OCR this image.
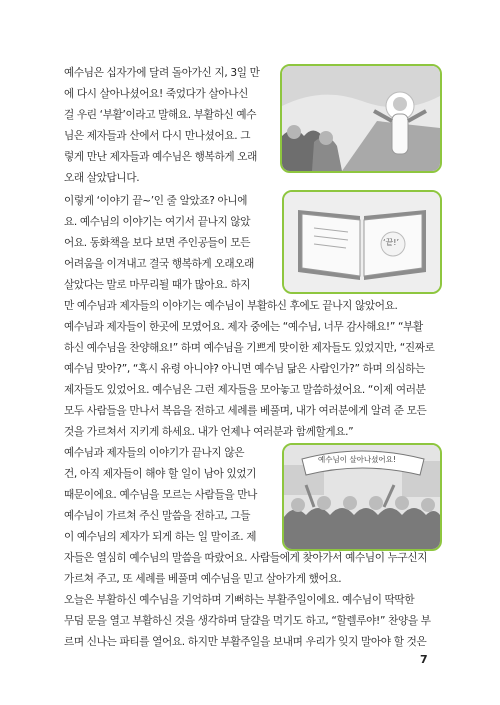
예수님은 십자가에 달려 돌아가신 지, 3일 만
에 다시 살아나셨어요! 죽었다가 살아나신
걸 우린 ‘부활’이라고 말해요. 부활하신 예수
님은 제자들과 산에서 다시 만나셨어요. 그
렇게 만난 제자들과 예수님은 행복하게 오래
오래 살았답니다.
이렇게 ‘이야기 끝~’인 줄 알았죠? 아니에
요. 예수님의 이야기는 여기서 끝나지 않았
어요. 동화책을 보다 보면 주인공들이 모든
어려움을 이겨내고 결국 행복하게 오래오래
살았다는 말로 마무리될 때가 많아요. 하지
‘끝!’
만 예수님과 제자들의 이야기는 예수님이 부활하신 후에도 끝나지 않았어요.
예수님과 제자들이 한곳에 모였어요. 제자 중에는 “예수님, 너무 감사해요!” “부활
하신 예수님을 찬양해요!” 하며 예수님을 기쁘게 맞이한 제자들도 있었지만, “진짜로
예수님 맞아?”, “혹시 유령 아니야? 아니면 예수님 닮은 사람인가?” 하며 의심하는
제자들도 있었어요. 예수님은 그런 제자들을 모아놓고 말씀하셨어요. “이제 여러분
모두 사람들을 만나서 복음을 전하고 세례를 베풀며, 내가 여러분에게 알려 준 모든
것을 가르쳐서 지키게 하세요. 내가 언제나 여러분과 함께할게요.”
예수님과 제자들의 이야기가 끝나지 않은
건, 아직 제자들이 해야 할 일이 남아 있었기
때문이에요. 예수님을 모르는 사람들을 만나
예수님이 가르쳐 주신 말씀을 전하고, 그들
이 예수님의 제자가 되게 하는 일 말이죠. 제
예수님이 살아나셨어요!
자들은 열심히 예수님의 말씀을 따랐어요. 사람들에게 찾아가서 예수님이 누구신지
가르쳐 주고, 또 세례를 베풀며 예수님을 믿고 살아가게 했어요.
오늘은 부활하신 예수님을 기억하며 기뻐하는 부활주일이에요. 예수님이 딱딱한
무덤 문을 열고 부활하신 것을 생각하며 달걀을 먹기도 하고, “할렐루야!” 찬양을 부
르며 신나는 파티를 열어요. 하지만 부활주일을 보내며 우리가 잊지 말아야 할 것은
7
